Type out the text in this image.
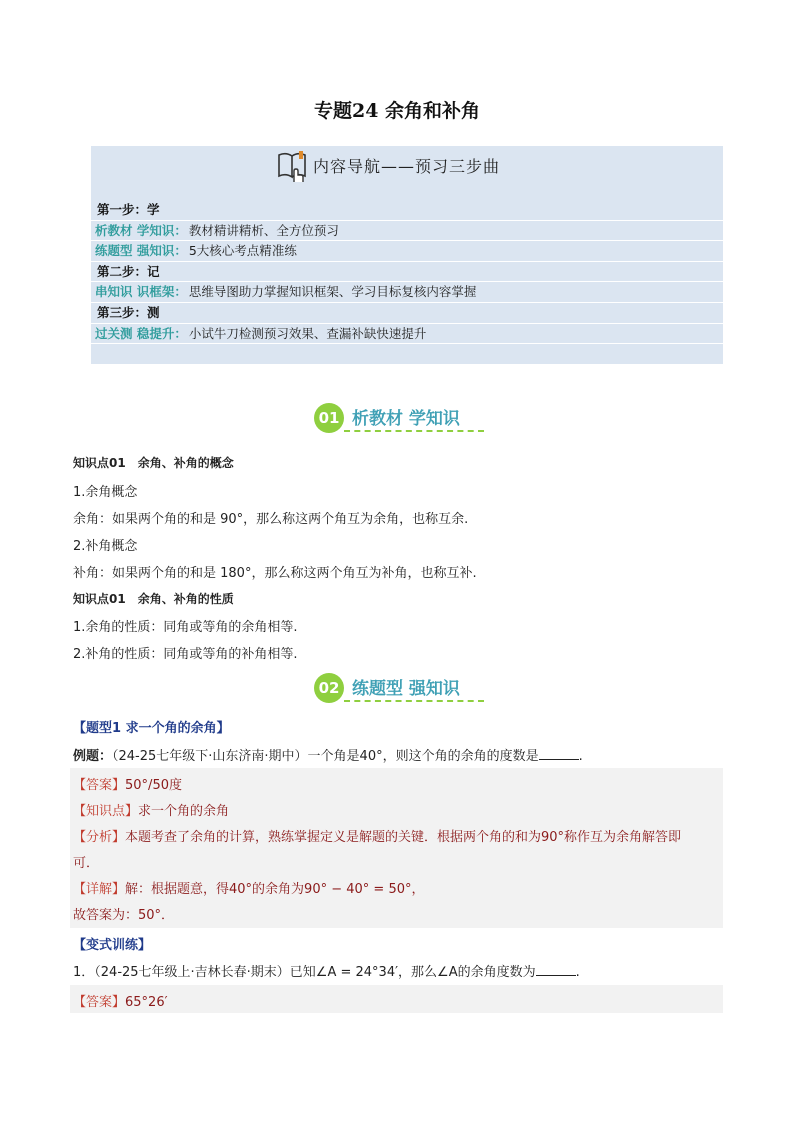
专题24 余角和补角
内容导航——预习三步曲
第一步：学
析教材 学知识： 教材精讲精析、全方位预习
练题型 强知识： 5大核心考点精准练
第二步：记
串知识 识框架： 思维导图助力掌握知识框架、学习目标复核内容掌握
第三步：测
过关测 稳提升： 小试牛刀检测预习效果、查漏补缺快速提升
01 析教材 学知识
知识点01　余角、补角的概念
1.余角概念
余角：如果两个角的和是 90°，那么称这两个角互为余角，也称互余.
2.补角概念
补角：如果两个角的和是 180°，那么称这两个角互为补角，也称互补.
知识点01　余角、补角的性质
1.余角的性质：同角或等角的余角相等.
2.补角的性质：同角或等角的补角相等.
02 练题型 强知识
【题型1 求一个角的余角】
例题：（24-25七年级下·山东济南·期中）一个角是40°，则这个角的余角的度数是	.
【答案】50°/50度
【知识点】求一个角的余角
【分析】本题考查了余角的计算，熟练掌握定义是解题的关键．根据两个角的和为90°称作互为余角解答即
可．
【详解】解：根据题意，得40°的余角为90° − 40° = 50°，
故答案为：50°．
【变式训练】
1．（24-25七年级上·吉林长春·期末）已知∠A = 24°34′，那么∠A的余角度数为	.
【答案】65°26′
